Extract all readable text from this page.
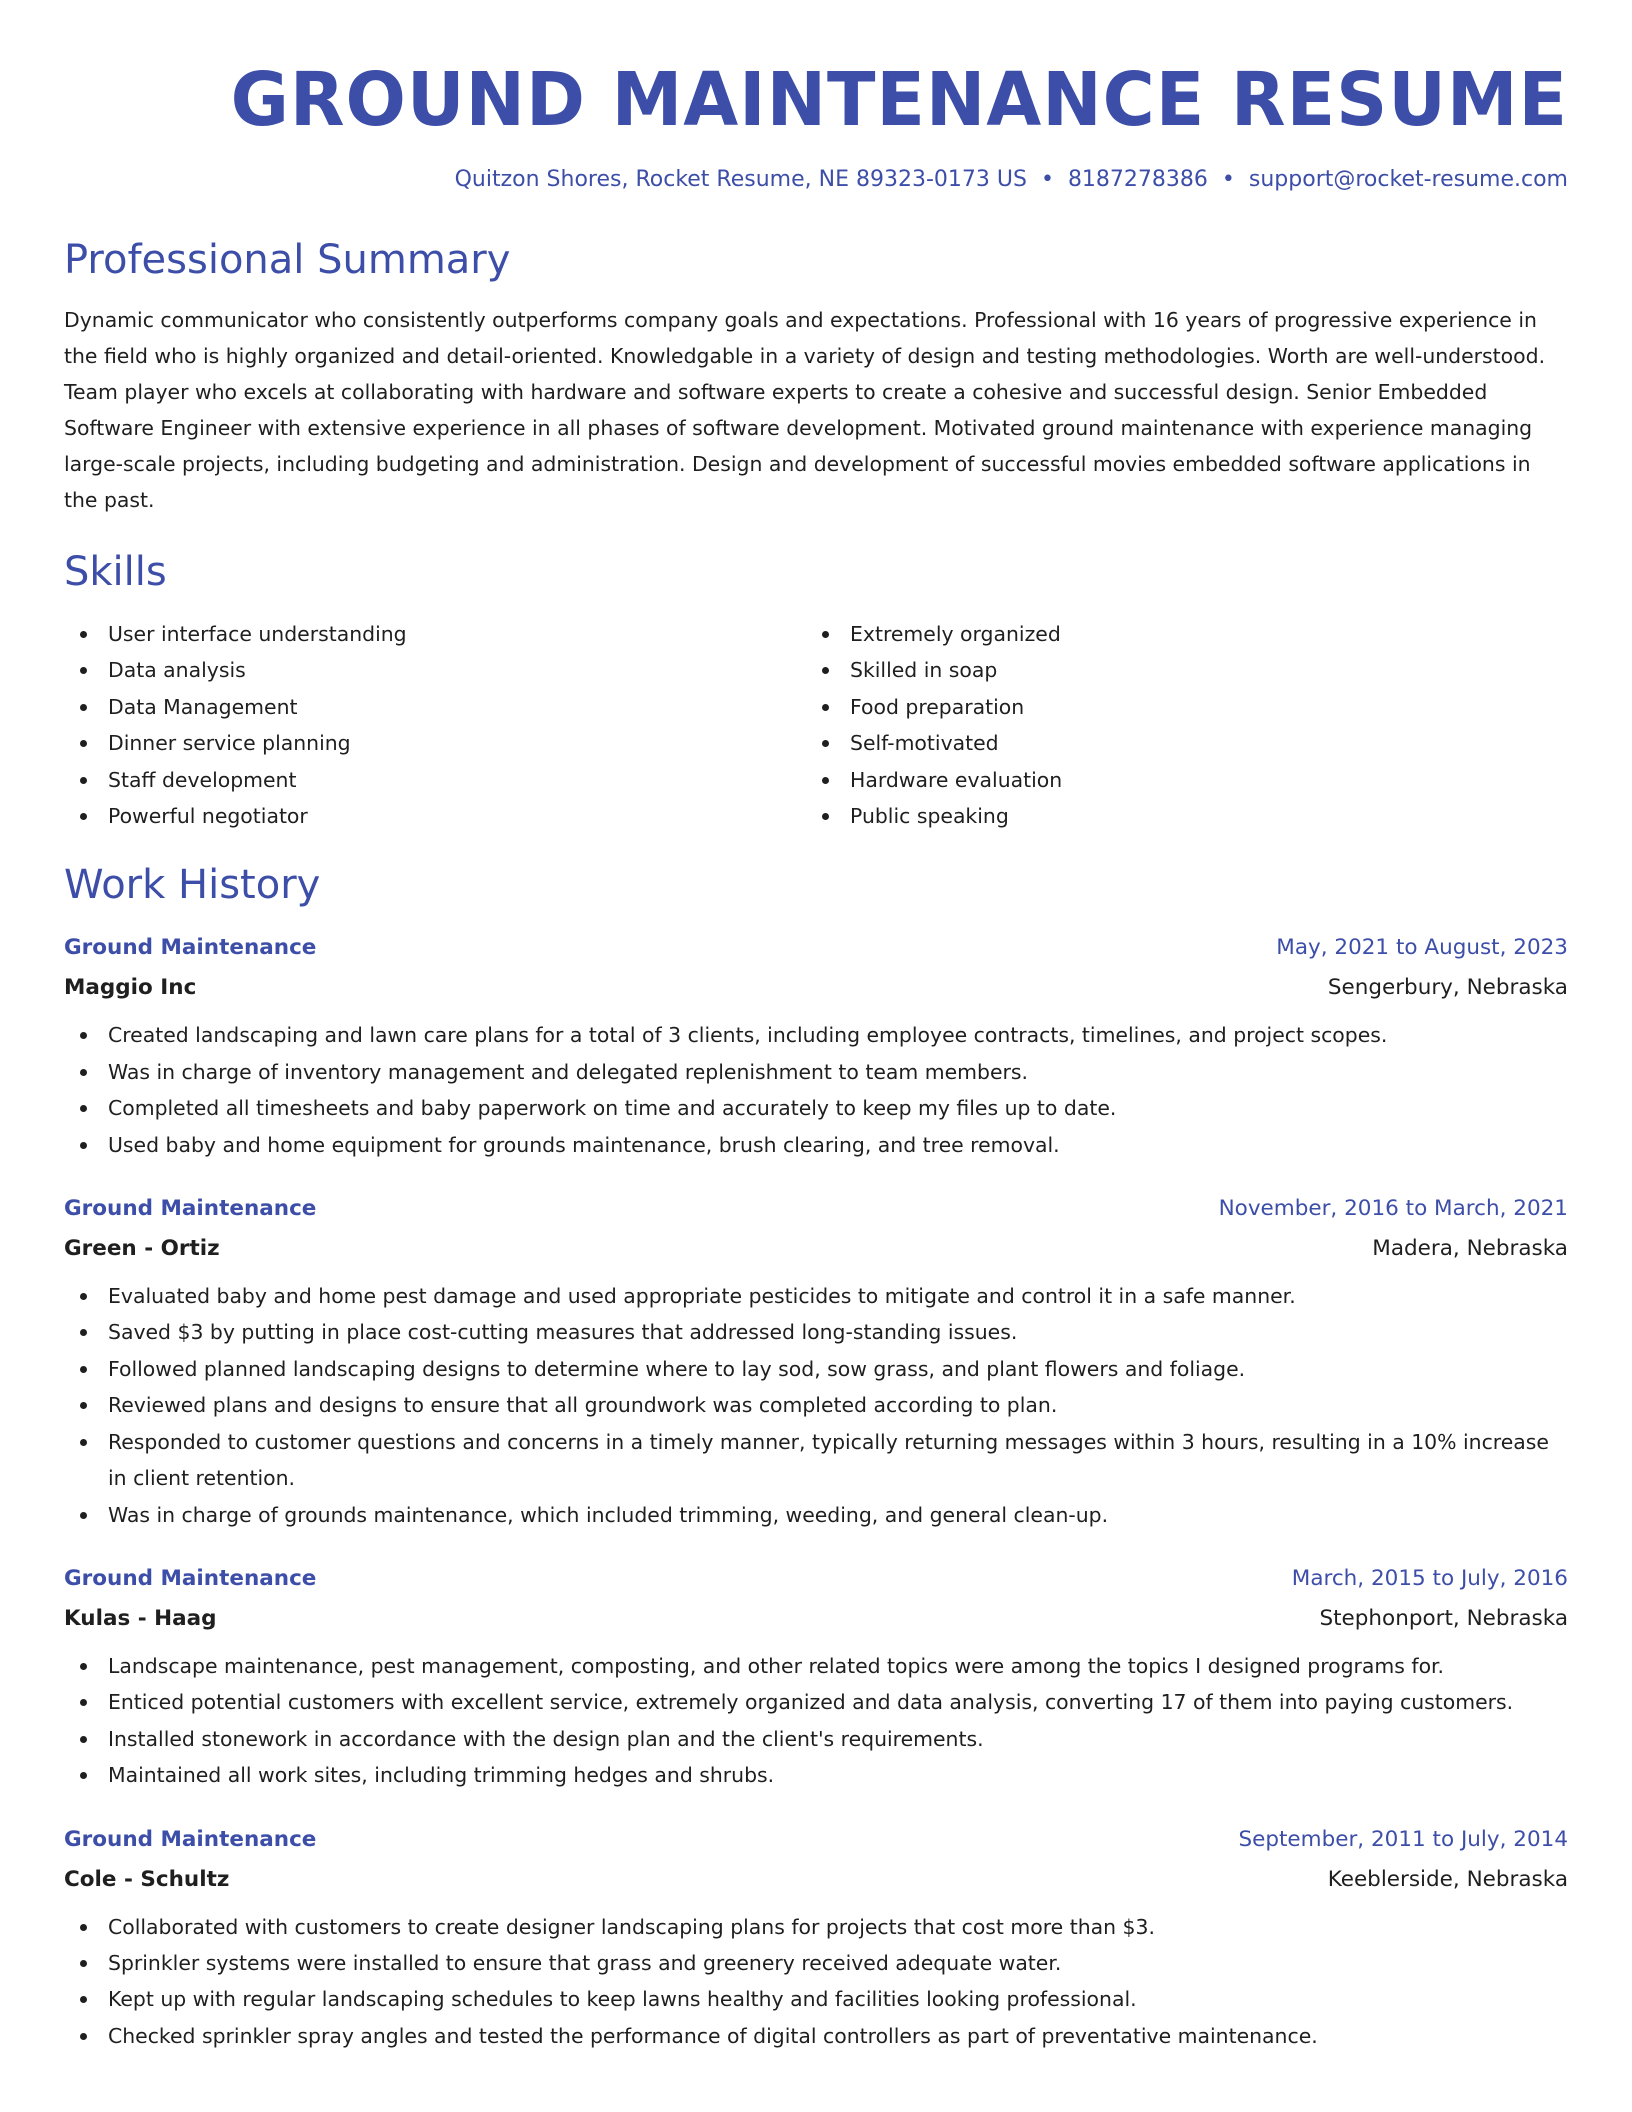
GROUND MAINTENANCE RESUME
Quitzon Shores, Rocket Resume, NE 89323-0173 US • 8187278386 • support@rocket-resume.com
Professional Summary

Dynamic communicator who consistently outperforms company goals and expectations. Professional with 16 years of progressive experience in the field who is highly organized and detail-oriented. Knowledgable in a variety of design and testing methodologies. Worth are well-understood. Team player who excels at collaborating with hardware and software experts to create a cohesive and successful design. Senior Embedded Software Engineer with extensive experience in all phases of software development. Motivated ground maintenance with experience managing large-scale projects, including budgeting and administration. Design and development of successful movies embedded software applications in the past.

Skills
User interface understanding
Data analysis
Data Management
Dinner service planning
Staff development
Powerful negotiator
Extremely organized
Skilled in soap
Food preparation
Self-motivated
Hardware evaluation
Public speaking
Work History
Ground Maintenance	May, 2021 to August, 2023
Maggio Inc	Sengerbury, Nebraska
Created landscaping and lawn care plans for a total of 3 clients, including employee contracts, timelines, and project scopes.
Was in charge of inventory management and delegated replenishment to team members.
Completed all timesheets and baby paperwork on time and accurately to keep my files up to date.
Used baby and home equipment for grounds maintenance, brush clearing, and tree removal.
Ground Maintenance	November, 2016 to March, 2021
Green - Ortiz	Madera, Nebraska
Evaluated baby and home pest damage and used appropriate pesticides to mitigate and control it in a safe manner.
Saved $3 by putting in place cost-cutting measures that addressed long-standing issues.
Followed planned landscaping designs to determine where to lay sod, sow grass, and plant flowers and foliage.
Reviewed plans and designs to ensure that all groundwork was completed according to plan.
Responded to customer questions and concerns in a timely manner, typically returning messages within 3 hours, resulting in a 10% increase in client retention.
Was in charge of grounds maintenance, which included trimming, weeding, and general clean-up.
Ground Maintenance	March, 2015 to July, 2016
Kulas - Haag	Stephonport, Nebraska
Landscape maintenance, pest management, composting, and other related topics were among the topics I designed programs for.
Enticed potential customers with excellent service, extremely organized and data analysis, converting 17 of them into paying customers.
Installed stonework in accordance with the design plan and the client's requirements.
Maintained all work sites, including trimming hedges and shrubs.
Ground Maintenance	September, 2011 to July, 2014
Cole - Schultz	Keeblerside, Nebraska
Collaborated with customers to create designer landscaping plans for projects that cost more than $3.
Sprinkler systems were installed to ensure that grass and greenery received adequate water.
Kept up with regular landscaping schedules to keep lawns healthy and facilities looking professional.
Checked sprinkler spray angles and tested the performance of digital controllers as part of preventative maintenance.
